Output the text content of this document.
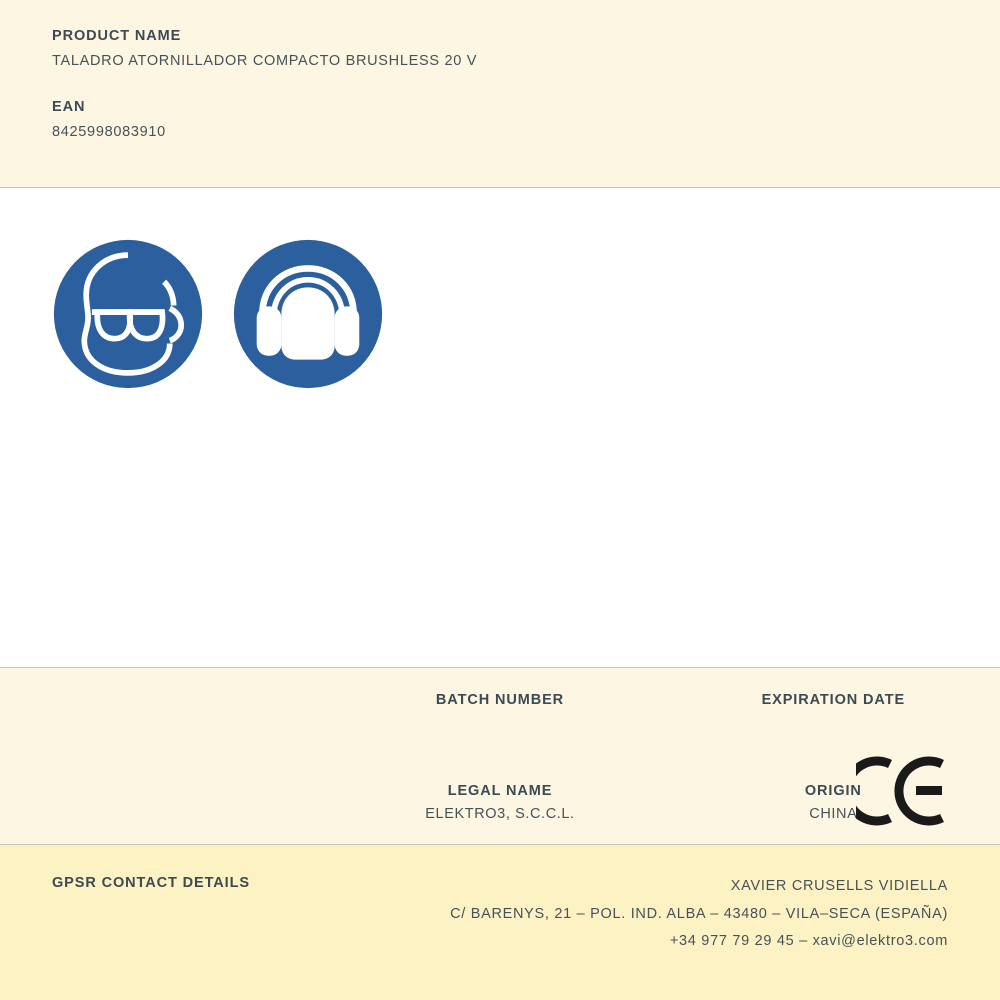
PRODUCT NAME

TALADRO ATORNILLADOR COMPACTO BRUSHLESS 20 V

EAN

8425998083910

BATCH NUMBER	EXPIRATION DATE
LEGAL NAME
ELEKTRO3, S.C.C.L.
ORIGIN
CHINA
GPSR CONTACT DETAILS	XAVIER CRUSELLS VIDIELLA
C/ BARENYS, 21 – POL. IND. ALBA – 43480 – VILA–SECA (ESPAÑA)
+34 977 79 29 45 – xavi@elektro3.com
